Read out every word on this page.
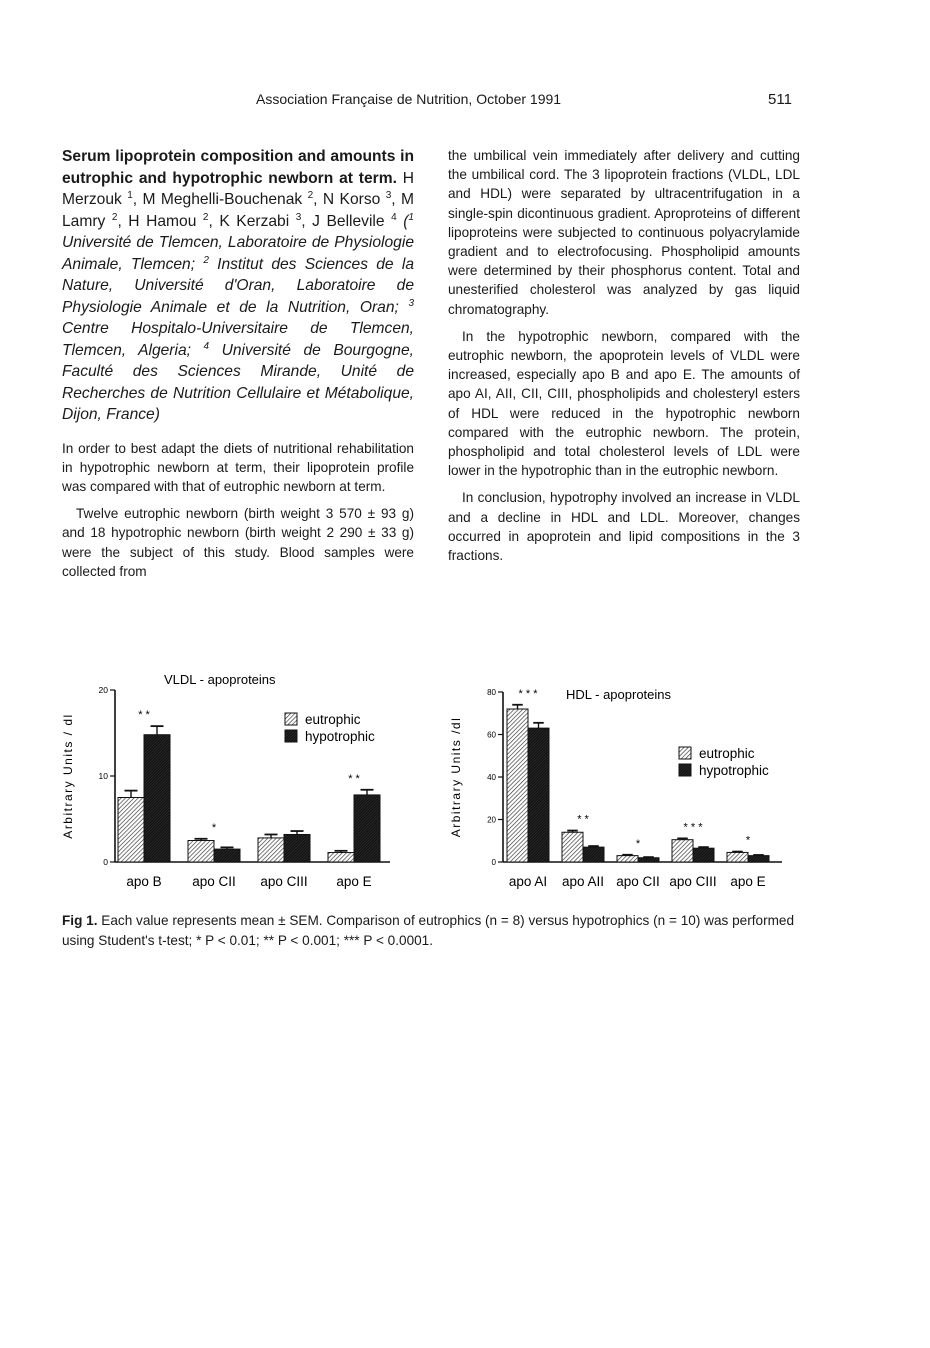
Association Française de Nutrition, October 1991	511

Serum lipoprotein composition and amounts in eutrophic and hypotrophic newborn at term. H Merzouk $^1$, M Meghelli-Bouchenak $^2$, N Korso $^3$, M Lamry $^2$, H Hamou $^2$, K Kerzabi $^3$, J Bellevile $^4$ ($^1$ Université de Tlemcen, Laboratoire de Physiologie Animale, Tlemcen; $^2$ Institut des Sciences de la Nature, Université d'Oran, Laboratoire de Physiologie Animale et de la Nutrition, Oran; $^3$ Centre Hospitalo-Universitaire de Tlemcen, Tlemcen, Algeria; $^4$ Université de Bourgogne, Faculté des Sciences Mirande, Unité de Recherches de Nutrition Cellulaire et Métabolique, Dijon, France)

In order to best adapt the diets of nutritional rehabilitation in hypotrophic newborn at term, their lipoprotein profile was compared with that of eutrophic newborn at term.

Twelve eutrophic newborn (birth weight 3 570 ± 93 g) and 18 hypotrophic newborn (birth weight 2 290 ± 33 g) were the subject of this study. Blood samples were collected from

the umbilical vein immediately after delivery and cutting the umbilical cord. The 3 lipoprotein fractions (VLDL, LDL and HDL) were separated by ultracentrifugation in a single-spin dicontinuous gradient. Aproproteins of different lipoproteins were subjected to continuous polyacrylamide gradient and to electrofocusing. Phospholipid amounts were determined by their phosphorus content. Total and unesterified cholesterol was analyzed by gas liquid chromatography.

In the hypotrophic newborn, compared with the eutrophic newborn, the apoprotein levels of VLDL were increased, especially apo B and apo E. The amounts of apo AI, AII, CII, CIII, phospholipids and cholesteryl esters of HDL were reduced in the hypotrophic newborn compared with the eutrophic newborn. The protein, phospholipid and total cholesterol levels of LDL were lower in the hypotrophic than in the eutrophic newborn.

In conclusion, hypotrophy involved an increase in VLDL and a decline in HDL and LDL. Moreover, changes occurred in apoprotein and lipid compositions in the 3 fractions.

0
10
20
Arbitrary Units / dl
VLDL - apoproteins
* *
apo B
*
apo CII apo CIII
* *
apo E
eutrophic
hypotrophic
0
20
40
60
80
Arbitrary Units /dl
HDL - apoproteins
* * *
apo AI
* *
apo AII
*
apo CII
* * *
apo CIII
*
apo E
eutrophic
hypotrophic
Fig 1. Each value represents mean ± SEM. Comparison of eutrophics (n = 8) versus hypotrophics (n = 10) was performed using Student's t-test; * P < 0.01; ** P < 0.001; *** P < 0.0001.
